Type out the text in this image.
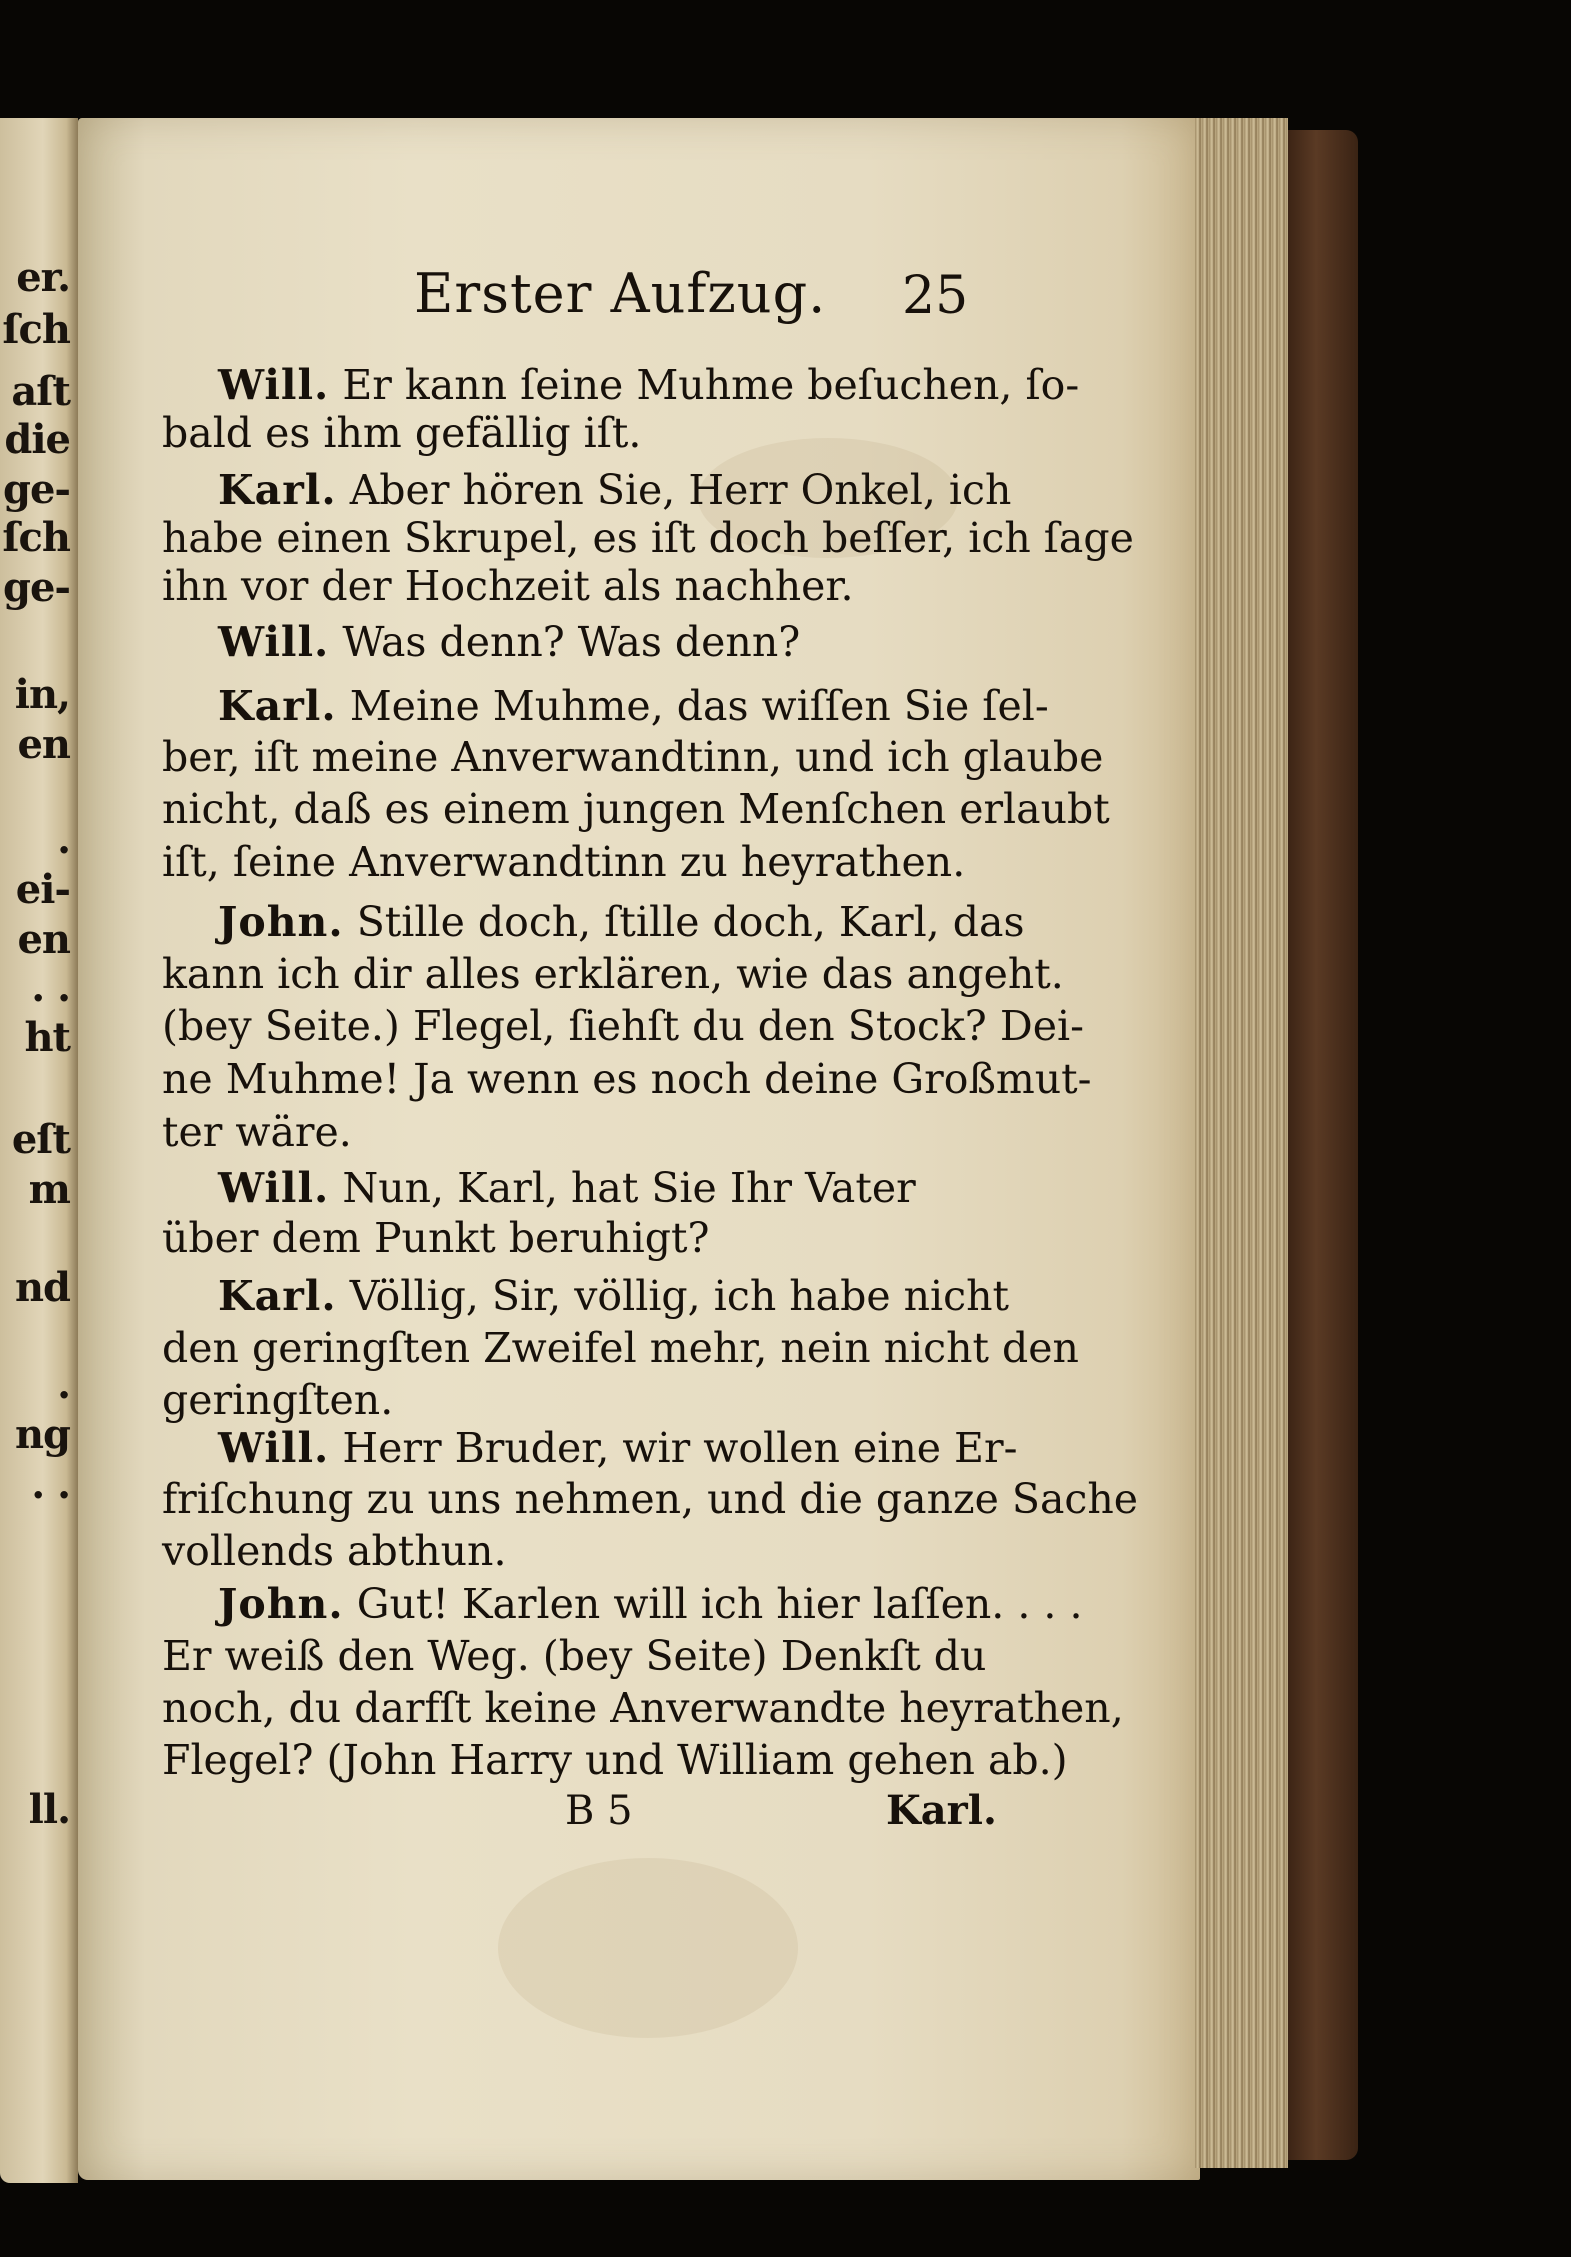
er.
ſch
aſt
die
ge-
ſch
ge-
in,
en
.
ei-
en
. .
ht
eſt
m
nd
.
ng
. .
ll.
Erster Aufzug. 25
Will. Er kann ſeine Muhme beſuchen, ſo-
bald es ihm gefällig iſt.
Karl. Aber hören Sie, Herr Onkel, ich
habe einen Skrupel, es iſt doch beſſer, ich ſage
ihn vor der Hochzeit als nachher.
Will. Was denn? Was denn?
Karl. Meine Muhme, das wiſſen Sie ſel-
ber, iſt meine Anverwandtinn, und ich glaube
nicht, daß es einem jungen Menſchen erlaubt
iſt, ſeine Anverwandtinn zu heyrathen.
John. Stille doch, ſtille doch, Karl, das
kann ich dir alles erklären, wie das angeht.
(bey Seite.) Flegel, ſiehſt du den Stock? Dei-
ne Muhme! Ja wenn es noch deine Großmut-
ter wäre.
Will. Nun, Karl, hat Sie Ihr Vater
über dem Punkt beruhigt?
Karl. Völlig, Sir, völlig, ich habe nicht
den geringſten Zweifel mehr, nein nicht den
geringſten.
Will. Herr Bruder, wir wollen eine Er-
friſchung zu uns nehmen, und die ganze Sache
vollends abthun.
John. Gut! Karlen will ich hier laſſen. . . .
Er weiß den Weg. (bey Seite) Denkſt du
noch, du darfſt keine Anverwandte heyrathen,
Flegel? (John Harry und William gehen ab.)
B 5	Karl.
